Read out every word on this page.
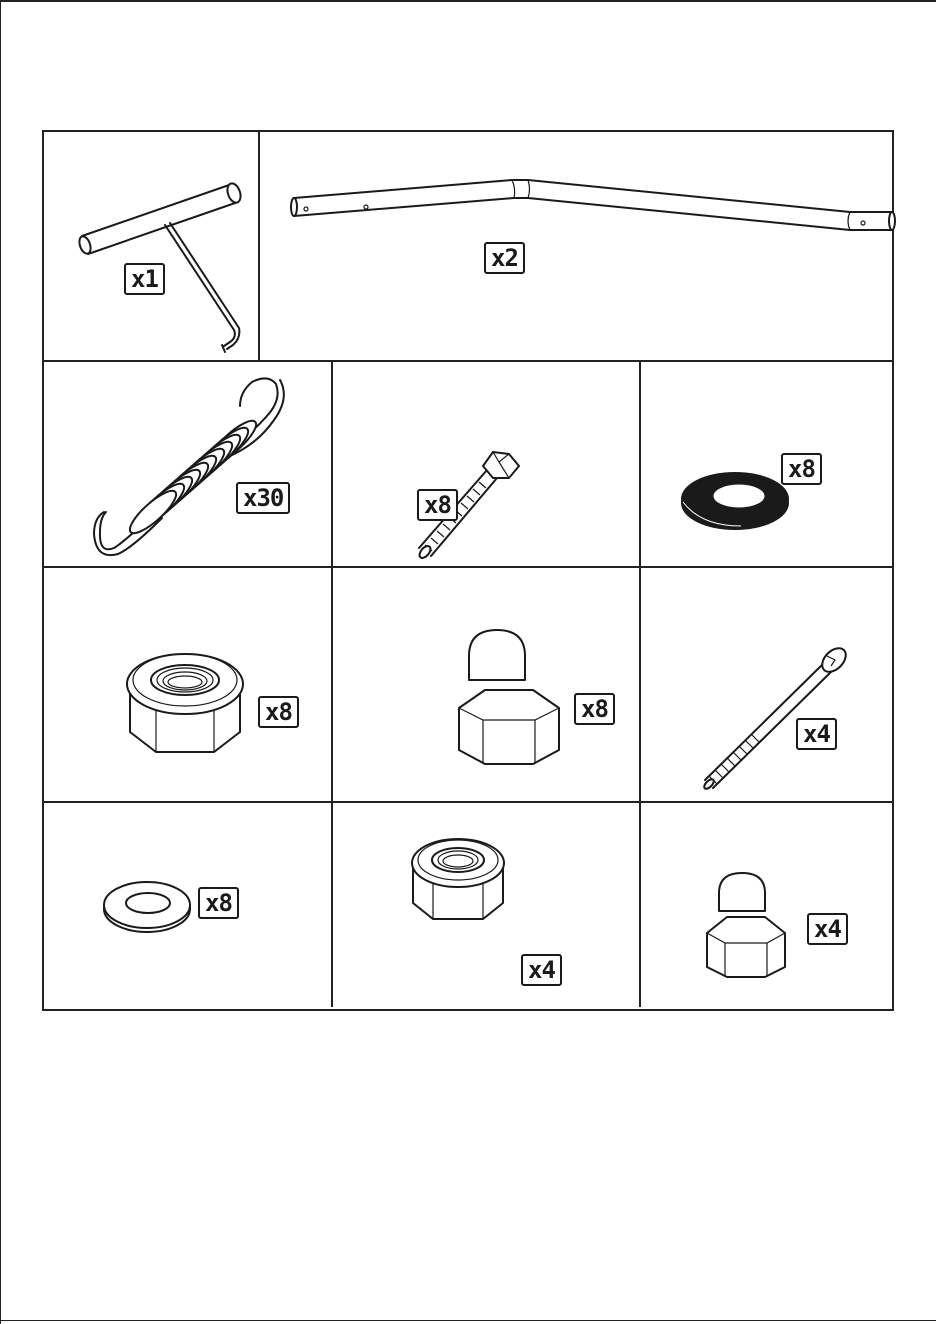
x1
x2
x30	x8
x8
x8	x8
x4
x8
x4
x4
